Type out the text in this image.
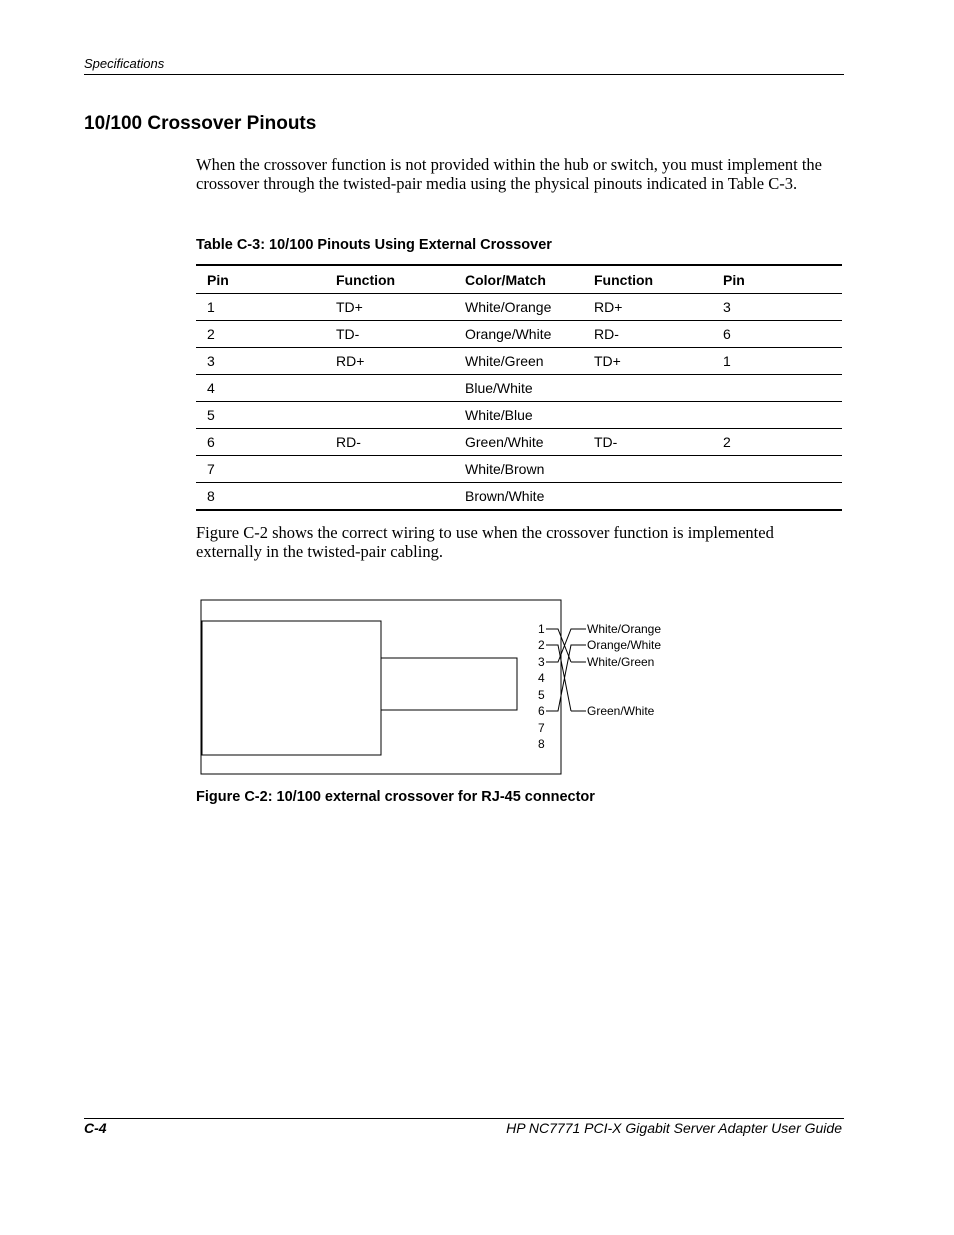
Specifications
10/100 Crossover Pinouts

When the crossover function is not provided within the hub or switch, you must implement the crossover through the twisted-pair media using the physical pinouts indicated in Table C-3.

Table C-3: 10/100 Pinouts Using External Crossover
Pin	Function	Color/Match	Function	Pin
1	TD+	White/Orange	RD+	3
2	TD-	Orange/White	RD-	6
3	RD+	White/Green	TD+	1
4		Blue/White		
5		White/Blue		
6	RD-	Green/White	TD-	2
7		White/Brown		
8		Brown/White		

Figure C-2 shows the correct wiring to use when the crossover function is implemented externally in the twisted-pair cabling.

1
2
3
4
5
6
7
8
White/Orange
Orange/White
White/Green
Green/White
Figure C-2: 10/100 external crossover for RJ-45 connector
C-4	HP NC7771 PCI-X Gigabit Server Adapter User Guide
